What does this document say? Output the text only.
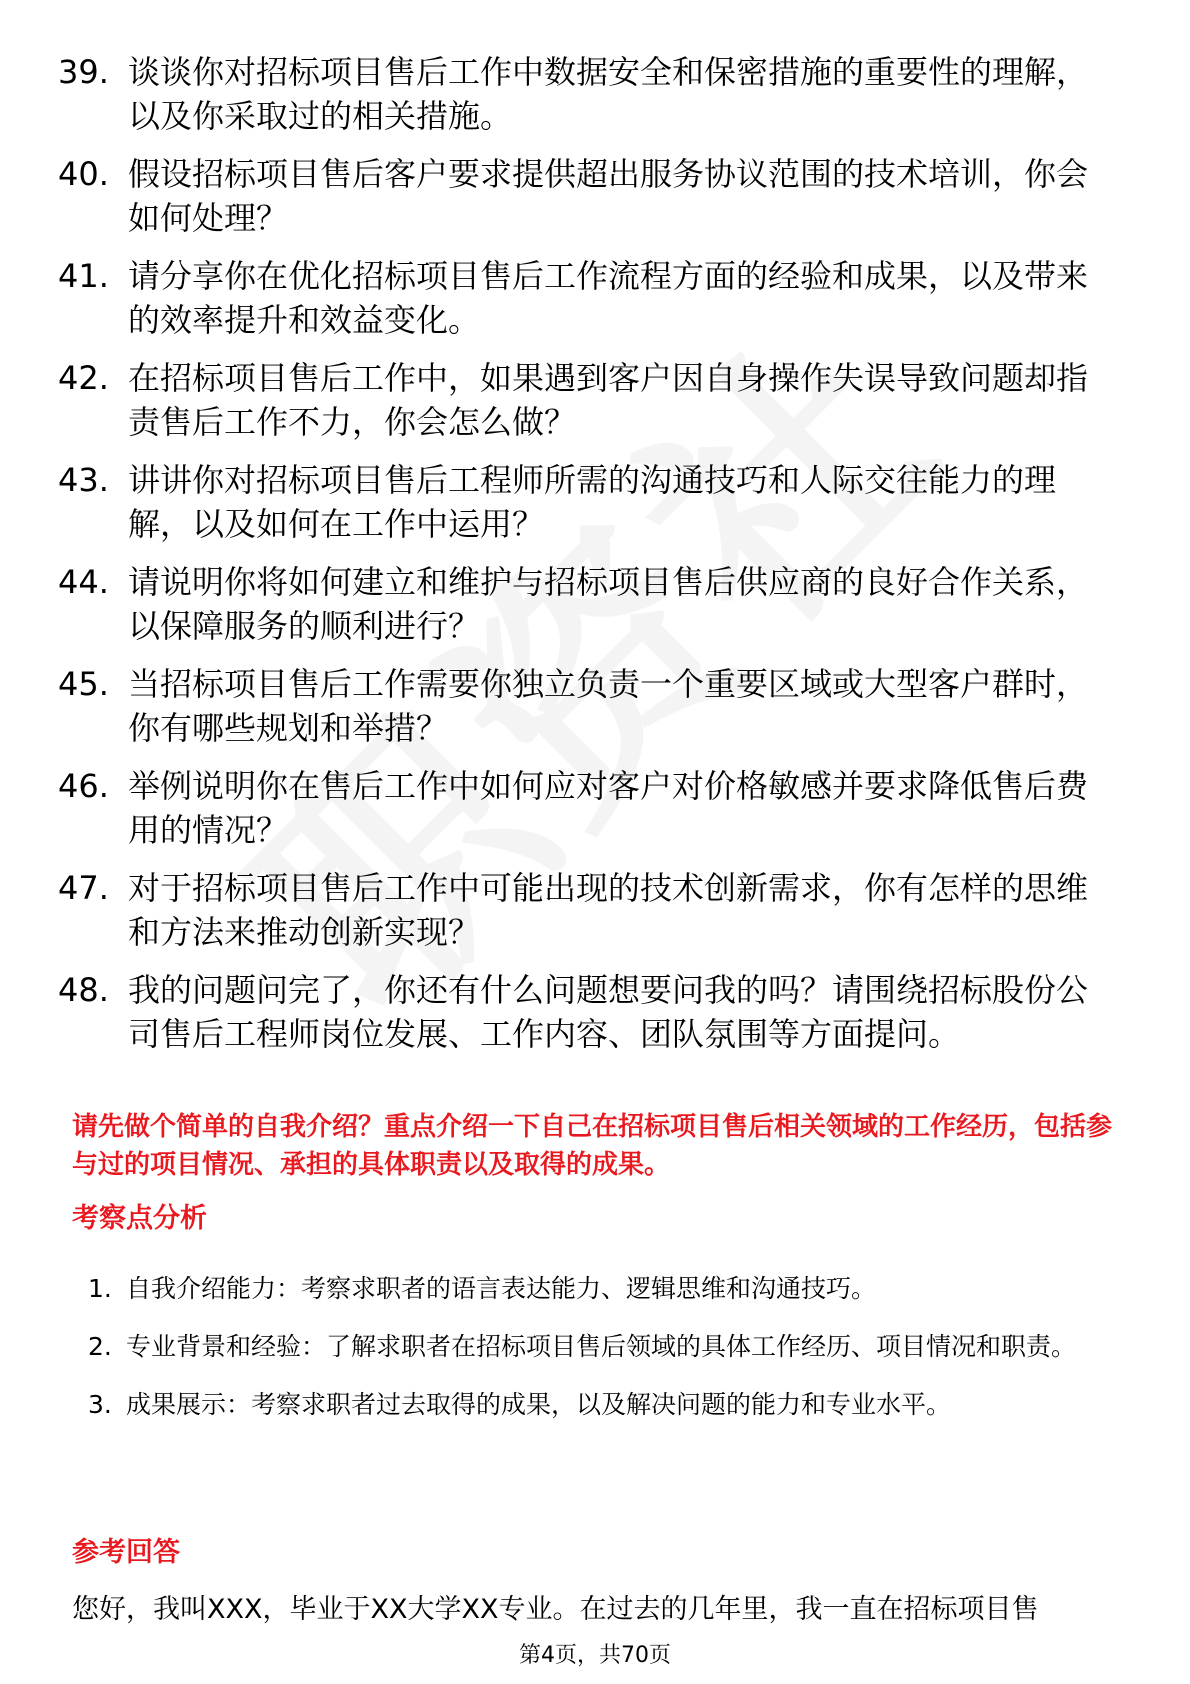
39. 谈谈你对招标项目售后工作中数据安全和保密措施的重要性的理解，以及你采取过的相关措施。
40. 假设招标项目售后客户要求提供超出服务协议范围的技术培训，你会如何处理？
41. 请分享你在优化招标项目售后工作流程方面的经验和成果，以及带来的效率提升和效益变化。
42. 在招标项目售后工作中，如果遇到客户因自身操作失误导致问题却指责售后工作不力，你会怎么做？
43. 讲讲你对招标项目售后工程师所需的沟通技巧和人际交往能力的理解，以及如何在工作中运用？
44. 请说明你将如何建立和维护与招标项目售后供应商的良好合作关系，以保障服务的顺利进行？
45. 当招标项目售后工作需要你独立负责一个重要区域或大型客户群时，你有哪些规划和举措？
46. 举例说明你在售后工作中如何应对客户对价格敏感并要求降低售后费用的情况？
47. 对于招标项目售后工作中可能出现的技术创新需求，你有怎样的思维和方法来推动创新实现？
48. 我的问题问完了，你还有什么问题想要问我的吗？请围绕招标股份公司售后工程师岗位发展、工作内容、团队氛围等方面提问。
请先做个简单的自我介绍？重点介绍一下自己在招标项目售后相关领域的工作经历，包括参与过的项目情况、承担的具体职责以及取得的成果。
考察点分析
1. 自我介绍能力：考察求职者的语言表达能力、逻辑思维和沟通技巧。
2. 专业背景和经验：了解求职者在招标项目售后领域的具体工作经历、项目情况和职责。
3. 成果展示：考察求职者过去取得的成果，以及解决问题的能力和专业水平。
参考回答
您好，我叫XXX，毕业于XX大学XX专业。在过去的几年里，我一直在招标项目售
第4页，共70页
